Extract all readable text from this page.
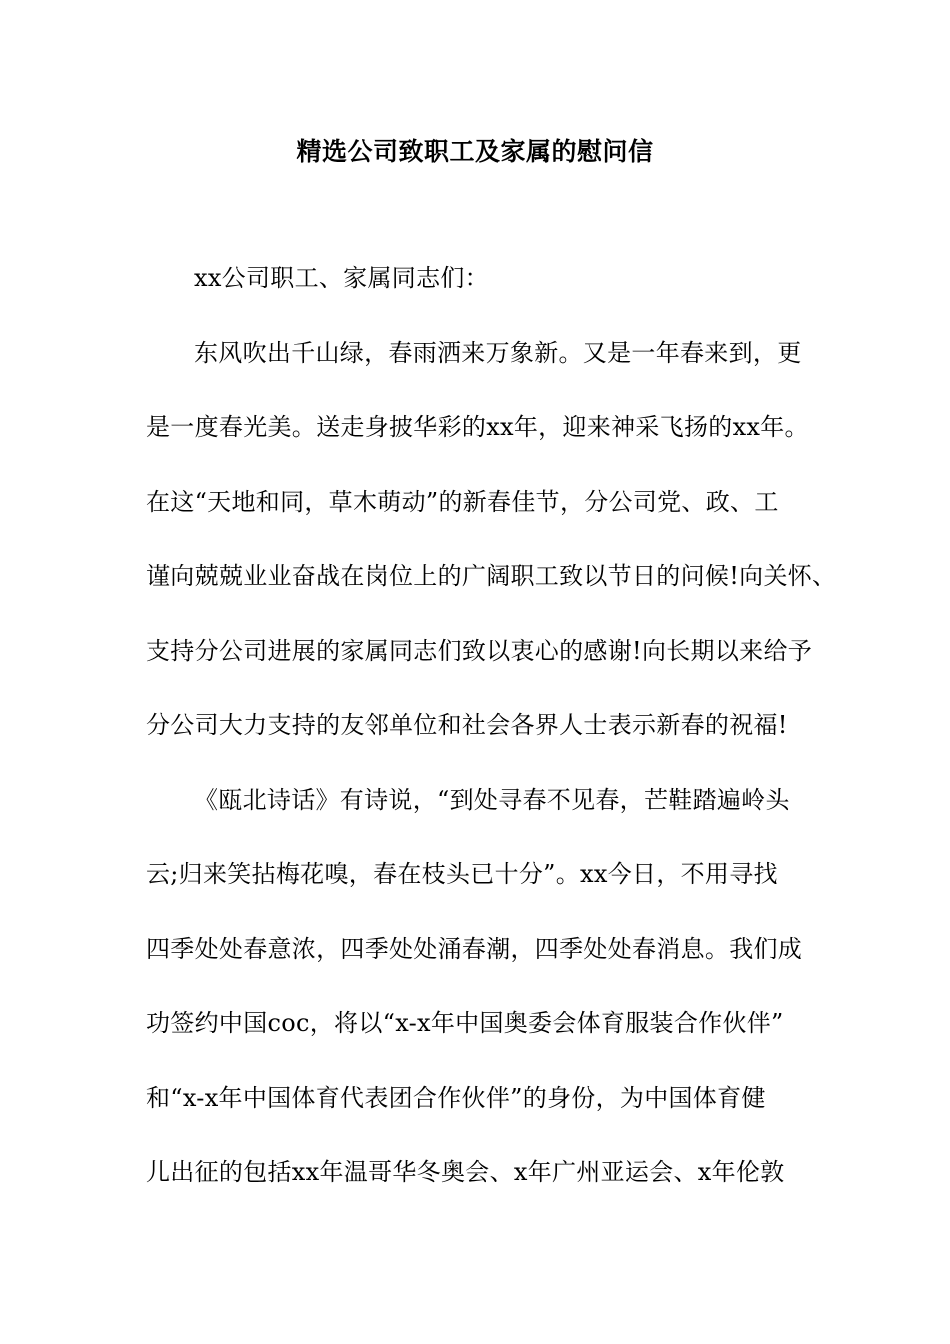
精选公司致职工及家属的慰问信

xx公司职工、家属同志们：

东风吹出千山绿，春雨洒来万象新。又是一年春来到，更

是一度春光美。送走身披华彩的xx年，迎来神采飞扬的xx年。

在这“天地和同，草木萌动”的新春佳节，分公司党、政、工

谨向兢兢业业奋战在岗位上的广阔职工致以节日的问候!向关怀、

支持分公司进展的家属同志们致以衷心的感谢!向长期以来给予

分公司大力支持的友邻单位和社会各界人士表示新春的祝福!

《瓯北诗话》有诗说，“到处寻春不见春，芒鞋踏遍岭头

云;归来笑拈梅花嗅，春在枝头已十分”。xx今日，不用寻找

四季处处春意浓，四季处处涌春潮，四季处处春消息。我们成

功签约中国coc，将以“x-x年中国奥委会体育服装合作伙伴”

和“x-x年中国体育代表团合作伙伴”的身份，为中国体育健

儿出征的包括xx年温哥华冬奥会、x年广州亚运会、x年伦敦
